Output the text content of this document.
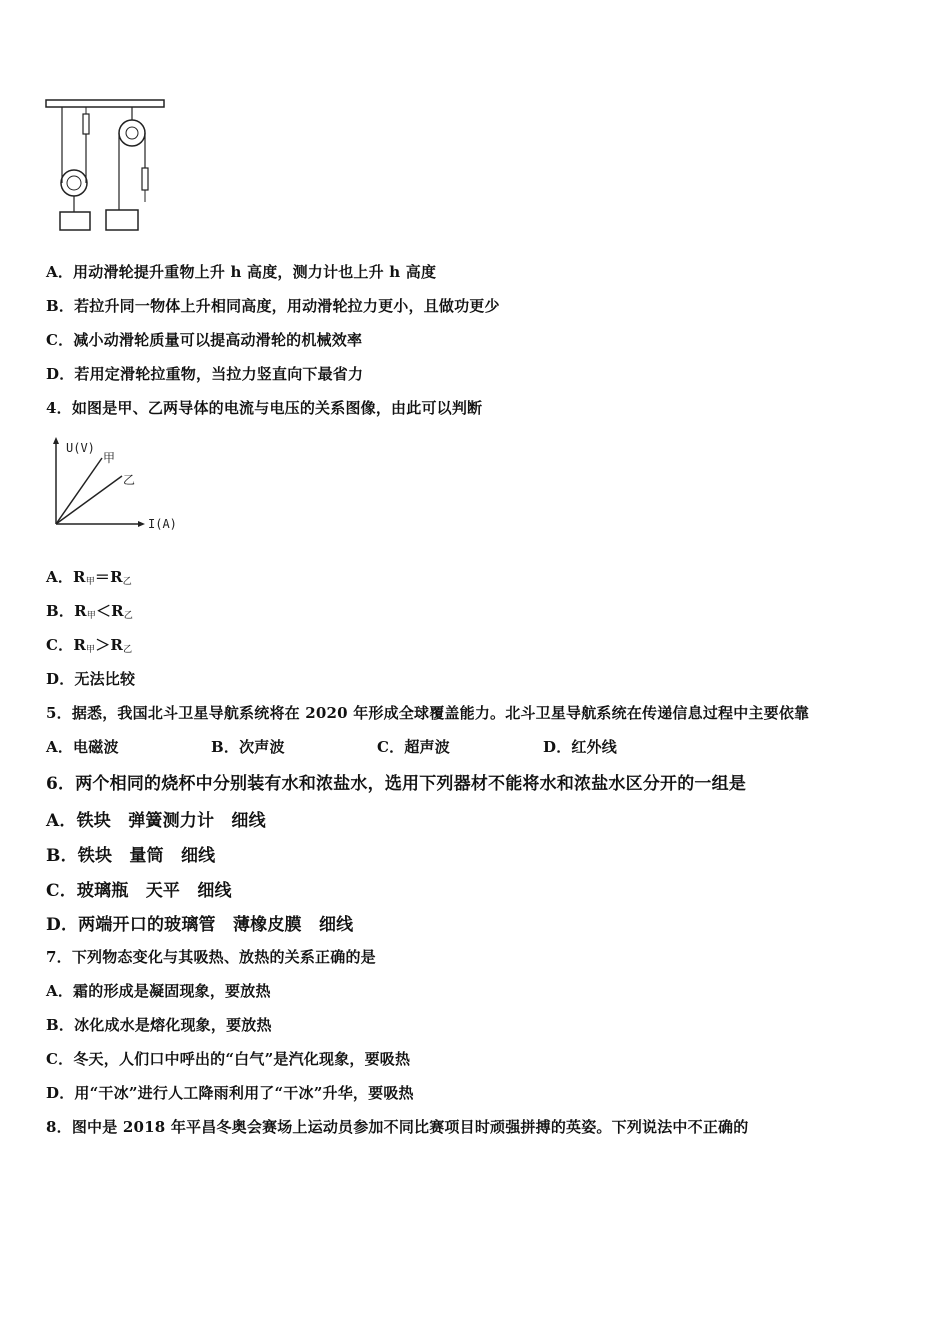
A．用动滑轮提升重物上升 h 高度，测力计也上升 h 高度
B．若拉升同一物体上升相同高度，用动滑轮拉力更小，且做功更少
C．减小动滑轮质量可以提高动滑轮的机械效率
D．若用定滑轮拉重物，当拉力竖直向下最省力
4．如图是甲、乙两导体的电流与电压的关系图像，由此可以判断
U(V)
甲
乙
I(A)
A．$R_甲=R_乙$
B．$R_甲<R_乙$
C．$R_甲>R_乙$
D．无法比较
5．据悉，我国北斗卫星导航系统将在 2020 年形成全球覆盖能力。北斗卫星导航系统在传递信息过程中主要依靠
A．电磁波	B．次声波	C．超声波	D．红外线
6．两个相同的烧杯中分别装有水和浓盐水，选用下列器材不能将水和浓盐水区分开的一组是
A．铁块　弹簧测力计　细线
B．铁块　量筒　细线
C．玻璃瓶　天平　细线
D．两端开口的玻璃管　薄橡皮膜　细线
7．下列物态变化与其吸热、放热的关系正确的是
A．霜的形成是凝固现象，要放热
B．冰化成水是熔化现象，要放热
C．冬天，人们口中呼出的“白气”是汽化现象，要吸热
D．用“干冰”进行人工降雨利用了“干冰”升华，要吸热
8．图中是 2018 年平昌冬奥会赛场上运动员参加不同比赛项目时顽强拼搏的英姿。下列说法中不正确的
